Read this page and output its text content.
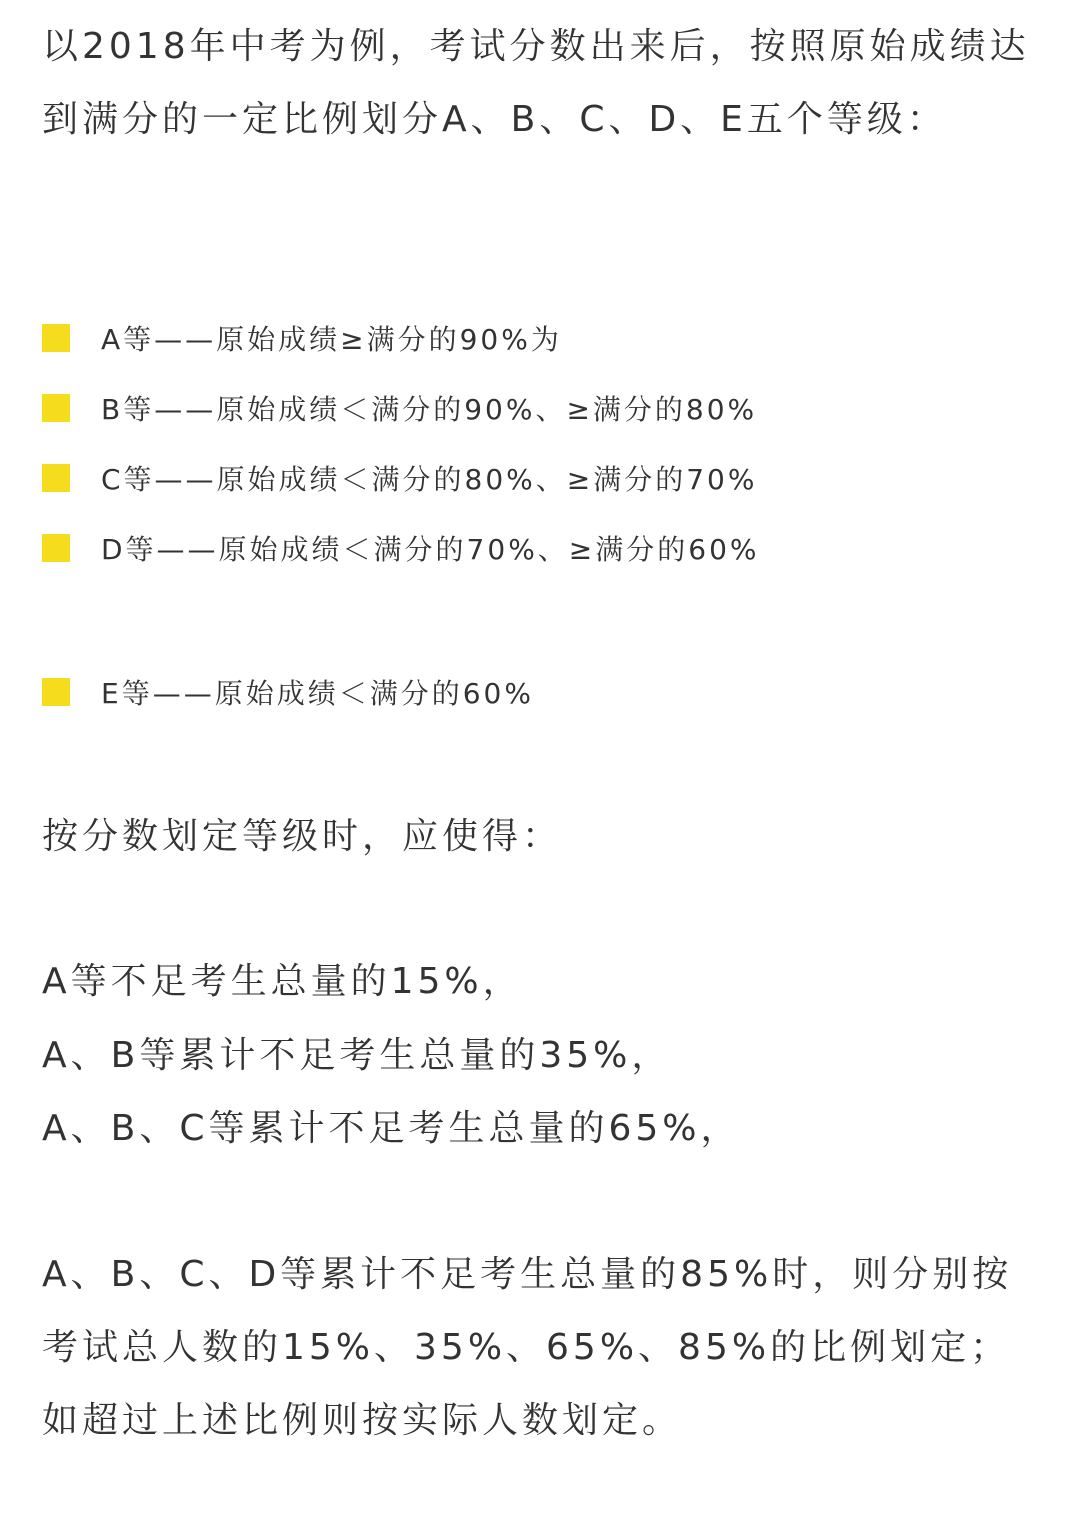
以2018年中考为例，考试分数出来后，按照原始成绩达到满分的一定比例划分A、B、C、D、E五个等级：

A等——原始成绩≥满分的90%为
B等——原始成绩＜满分的90%、≥满分的80%
C等——原始成绩＜满分的80%、≥满分的70%
D等——原始成绩＜满分的70%、≥满分的60%
E等——原始成绩＜满分的60%

按分数划定等级时，应使得：

A等不足考生总量的15%，

A、B等累计不足考生总量的35%，

A、B、C等累计不足考生总量的65%，

A、B、C、D等累计不足考生总量的85%时，则分别按考试总人数的15%、35%、65%、85%的比例划定；如超过上述比例则按实际人数划定。
